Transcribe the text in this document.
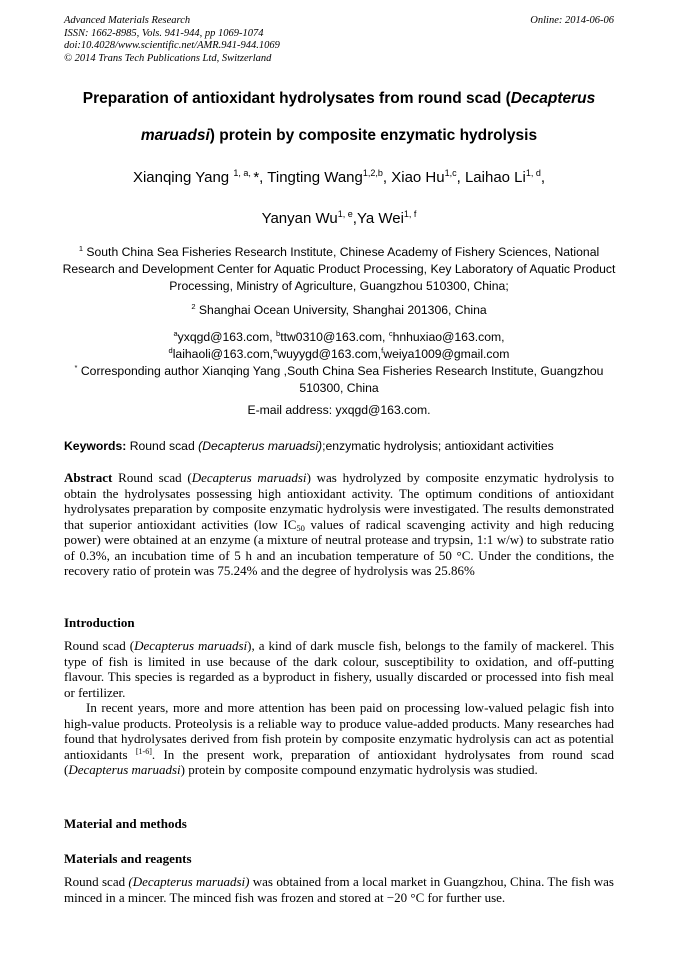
Advanced Materials Research
ISSN: 1662-8985, Vols. 941-944, pp 1069-1074
doi:10.4028/www.scientific.net/AMR.941-944.1069
© 2014 Trans Tech Publications Ltd, Switzerland
Online: 2014-06-06
Preparation of antioxidant hydrolysates from round scad (Decapterus
maruadsi) protein by composite enzymatic hydrolysis
Xianqing Yang $^{1, a,}$ *, Tingting Wang$^{1,2,b}$, Xiao Hu$^{1,c}$, Laihao Li$^{1, d}$,
Yanyan Wu$^{1, e}$,Ya Wei$^{1, f}$
$^1$ South China Sea Fisheries Research Institute, Chinese Academy of Fishery Sciences, National Research and Development Center for Aquatic Product Processing, Key Laboratory of Aquatic Product Processing, Ministry of Agriculture, Guangzhou 510300, China;
$^2$ Shanghai Ocean University, Shanghai 201306, China
$^a$yxqgd@163.com, $^b$ttw0310@163.com, $^c$hnhuxiao@163.com,
$^d$laihaoli@163.com,$^e$wuyygd@163.com,$^f$weiya1009@gmail.com
* Corresponding author Xianqing Yang ,South China Sea Fisheries Research Institute, Guangzhou 510300, China
E-mail address: yxqgd@163.com.
Keywords: Round scad (Decapterus maruadsi);enzymatic hydrolysis; antioxidant activities

Abstract Round scad (Decapterus maruadsi) was hydrolyzed by composite enzymatic hydrolysis to obtain the hydrolysates possessing high antioxidant activity. The optimum conditions of antioxidant hydrolysates preparation by composite enzymatic hydrolysis were investigated. The results demonstrated that superior antioxidant activities (low $IC_{50}$ values of radical scavenging activity and high reducing power) were obtained at an enzyme (a mixture of neutral protease and trypsin, 1:1 w/w) to substrate ratio of 0.3%, an incubation time of 5 h and an incubation temperature of 50 °C. Under the conditions, the recovery ratio of protein was 75.24% and the degree of hydrolysis was 25.86%

Introduction

Round scad (Decapterus maruadsi), a kind of dark muscle fish, belongs to the family of mackerel. This type of fish is limited in use because of the dark colour, susceptibility to oxidation, and off-putting flavour. This species is regarded as a byproduct in fishery, usually discarded or processed into fish meal or fertilizer.

In recent years, more and more attention has been paid on processing low-valued pelagic fish into high-value products. Proteolysis is a reliable way to produce value-added products. Many researches had found that hydrolysates derived from fish protein by composite enzymatic hydrolysis can act as potential antioxidants [1-6]. In the present work, preparation of antioxidant hydrolysates from round scad (Decapterus maruadsi) protein by composite compound enzymatic hydrolysis was studied.

Material and methods
Materials and reagents

Round scad (Decapterus maruadsi) was obtained from a local market in Guangzhou, China. The fish was minced in a mincer. The minced fish was frozen and stored at −20 °C for further use.
